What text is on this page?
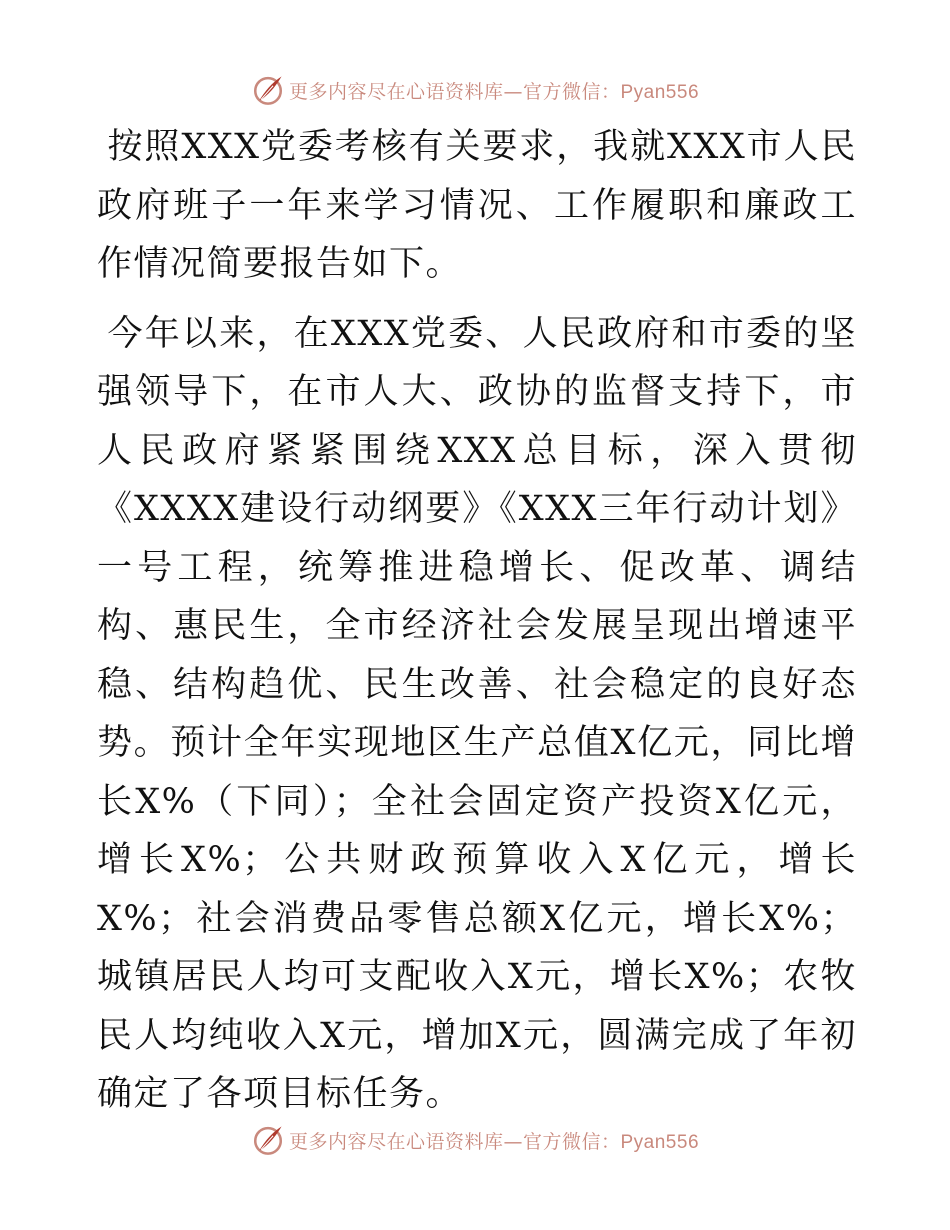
更多内容尽在心语资料库—官方微信：Pyan556

按照XXX党委考核有关要求，我就XXX市人民政府班子一年来学习情况、工作履职和廉政工作情况简要报告如下。

今年以来，在XXX党委、人民政府和市委的坚强领导下，在市人大、政协的监督支持下，市人民政府紧紧围绕XXX总目标，深入贯彻《XXXX建设行动纲要》《XXX三年行动计划》一号工程，统筹推进稳增长、促改革、调结构、惠民生，全市经济社会发展呈现出增速平稳、结构趋优、民生改善、社会稳定的良好态势。预计全年实现地区生产总值X亿元，同比增长X%（下同）；全社会固定资产投资X亿元，增长X%；公共财政预算收入X亿元，增长X%；社会消费品零售总额X亿元，增长X%；城镇居民人均可支配收入X元，增长X%；农牧民人均纯收入X元，增加X元，圆满完成了年初确定了各项目标任务。

更多内容尽在心语资料库—官方微信：Pyan556
